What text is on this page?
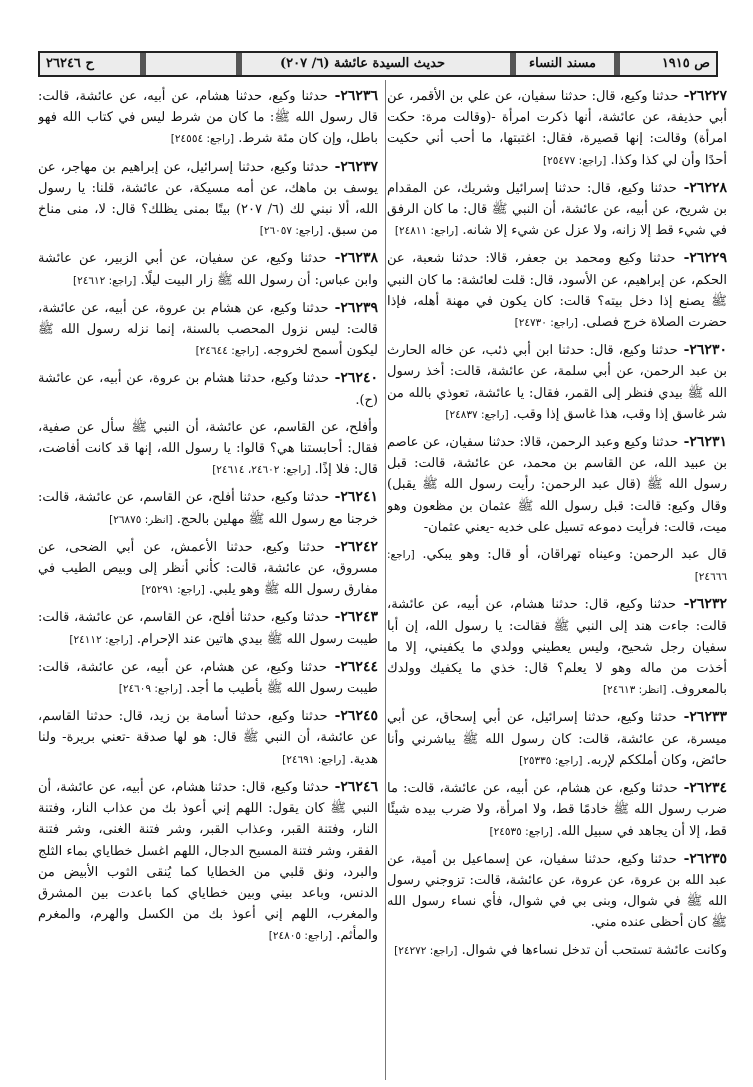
ص ١٩١٥
مسند النساء
حديث السيدة عائشة (٦/ ٢٠٧)
ح ٢٦٢٤٦
٢٦٢٢٧- حدثنا وكيع، قال: حدثنا سفيان، عن علي بن الأقمر، عن أبي حذيفة، عن عائشة، أنها ذكرت امرأة -(وقالت مرة: حكت امرأة) وقالت: إنها قصيرة، فقال: اغتبتها، ما أحب أني حكيت أحدًا وأن لي كذا وكذا. [راجع: ٢٥٤٧٧]
٢٦٢٢٨- حدثنا وكيع، قال: حدثنا إسرائيل وشريك، عن المقدام بن شريح، عن أبيه، عن عائشة، أن النبي ﷺ قال: ما كان الرفق في شيء قط إلا زانه، ولا عزل عن شيء إلا شانه. [راجع: ٢٤٨١١]
٢٦٢٢٩- حدثنا وكيع ومحمد بن جعفر، قالا: حدثنا شعبة، عن الحكم، عن إبراهيم، عن الأسود، قال: قلت لعائشة: ما كان النبي ﷺ يصنع إذا دخل بيته؟ قالت: كان يكون في مهنة أهله، فإذا حضرت الصلاة خرج فصلى. [راجع: ٢٤٧٣٠]
٢٦٢٣٠- حدثنا وكيع، قال: حدثنا ابن أبي ذئب، عن خاله الحارث بن عبد الرحمن، عن أبي سلمة، عن عائشة، قالت: أخذ رسول الله ﷺ بيدي فنظر إلى القمر، فقال: يا عائشة، تعوذي بالله من شر غاسق إذا وقب، هذا غاسق إذا وقب. [راجع: ٢٤٨٣٧]
٢٦٢٣١- حدثنا وكيع وعبد الرحمن، قالا: حدثنا سفيان، عن عاصم بن عبيد الله، عن القاسم بن محمد، عن عائشة، قالت: قبل رسول الله ﷺ (قال عبد الرحمن: رأيت رسول الله ﷺ يقبل) وقال وكيع: قالت: قبل رسول الله ﷺ عثمان بن مظعون وهو ميت، قالت: فرأيت دموعه تسيل على خديه -يعني عثمان-
قال عبد الرحمن: وعيناه تهراقان، أو قال: وهو يبكي. [راجع: ٢٤٦٦٦]
٢٦٢٣٢- حدثنا وكيع، قال: حدثنا هشام، عن أبيه، عن عائشة، قالت: جاءت هند إلى النبي ﷺ فقالت: يا رسول الله، إن أبا سفيان رجل شحيح، وليس يعطيني وولدي ما يكفيني، إلا ما أخذت من ماله وهو لا يعلم؟ قال: خذي ما يكفيك وولدك بالمعروف. [انظر: ٢٤٦١٣]
٢٦٢٣٣- حدثنا وكيع، حدثنا إسرائيل، عن أبي إسحاق، عن أبي ميسرة، عن عائشة، قالت: كان رسول الله ﷺ يباشرني وأنا حائض، وكان أملككم لإربه. [راجع: ٢٥٣٣٥]
٢٦٢٣٤- حدثنا وكيع، عن هشام، عن أبيه، عن عائشة، قالت: ما ضرب رسول الله ﷺ خادمًا قط، ولا امرأة، ولا ضرب بيده شيئًا قط، إلا أن يجاهد في سبيل الله. [راجع: ٢٤٥٣٥]
٢٦٢٣٥- حدثنا وكيع، حدثنا سفيان، عن إسماعيل بن أمية، عن عبد الله بن عروة، عن عروة، عن عائشة، قالت: تزوجني رسول الله ﷺ في شوال، وبنى بي في شوال، فأي نساء رسول الله ﷺ كان أحظى عنده مني.
وكانت عائشة تستحب أن تدخل نساءها في شوال. [راجع: ٢٤٢٧٢]
٢٦٢٣٦- حدثنا وكيع، حدثنا هشام، عن أبيه، عن عائشة، قالت: قال رسول الله ﷺ: ما كان من شرط ليس في كتاب الله فهو باطل، وإن كان مئة شرط. [راجع: ٢٤٥٥٤]
٢٦٢٣٧- حدثنا وكيع، حدثنا إسرائيل، عن إبراهيم بن مهاجر، عن يوسف بن ماهك، عن أمه مسيكة، عن عائشة، قلنا: يا رسول الله، ألا نبني لك (٦/ ٢٠٧) بيتًا بمنى يظلك؟ قال: لا، منى مناخ من سبق. [راجع: ٢٦٠٥٧]
٢٦٢٣٨- حدثنا وكيع، عن سفيان، عن أبي الزبير، عن عائشة وابن عباس: أن رسول الله ﷺ زار البيت ليلًا. [راجع: ٢٤٦١٢]
٢٦٢٣٩- حدثنا وكيع، عن هشام بن عروة، عن أبيه، عن عائشة، قالت: ليس نزول المحصب بالسنة، إنما نزله رسول الله ﷺ ليكون أسمح لخروجه. [راجع: ٢٤٦٤٤]
٢٦٢٤٠- حدثنا وكيع، حدثنا هشام بن عروة، عن أبيه، عن عائشة (ح).
وأفلح، عن القاسم، عن عائشة، أن النبي ﷺ سأل عن صفية، فقال: أحابستنا هي؟ قالوا: يا رسول الله، إنها قد كانت أفاضت، قال: فلا إذًا. [راجع: ٢٤٦٠٢، ٢٤٦١٤]
٢٦٢٤١- حدثنا وكيع، حدثنا أفلح، عن القاسم، عن عائشة، قالت: خرجنا مع رسول الله ﷺ مهلين بالحج. [انظر: ٢٦٨٧٥]
٢٦٢٤٢- حدثنا وكيع، حدثنا الأعمش، عن أبي الضحى، عن مسروق، عن عائشة، قالت: كأني أنظر إلى وبيص الطيب في مفارق رسول الله ﷺ وهو يلبي. [راجع: ٢٥٢٩١]
٢٦٢٤٣- حدثنا وكيع، حدثنا أفلح، عن القاسم، عن عائشة، قالت: طيبت رسول الله ﷺ بيدي هاتين عند الإحرام. [راجع: ٢٤١١٢]
٢٦٢٤٤- حدثنا وكيع، عن هشام، عن أبيه، عن عائشة، قالت: طيبت رسول الله ﷺ بأطيب ما أجد. [راجع: ٢٤٦٠٩]
٢٦٢٤٥- حدثنا وكيع، حدثنا أسامة بن زيد، قال: حدثنا القاسم، عن عائشة، أن النبي ﷺ قال: هو لها صدقة -تعني بريرة- ولنا هدية. [راجع: ٢٤٦٩١]
٢٦٢٤٦- حدثنا وكيع، قال: حدثنا هشام، عن أبيه، عن عائشة، أن النبي ﷺ كان يقول: اللهم إني أعوذ بك من عذاب النار، وفتنة النار، وفتنة القبر، وعذاب القبر، وشر فتنة الغنى، وشر فتنة الفقر، وشر فتنة المسيح الدجال، اللهم اغسل خطاياي بماء الثلج والبرد، ونق قلبي من الخطايا كما يُنقى الثوب الأبيض من الدنس، وباعد بيني وبين خطاياي كما باعدت بين المشرق والمغرب، اللهم إني أعوذ بك من الكسل والهرم، والمغرم والمأثم. [راجع: ٢٤٨٠٥]
